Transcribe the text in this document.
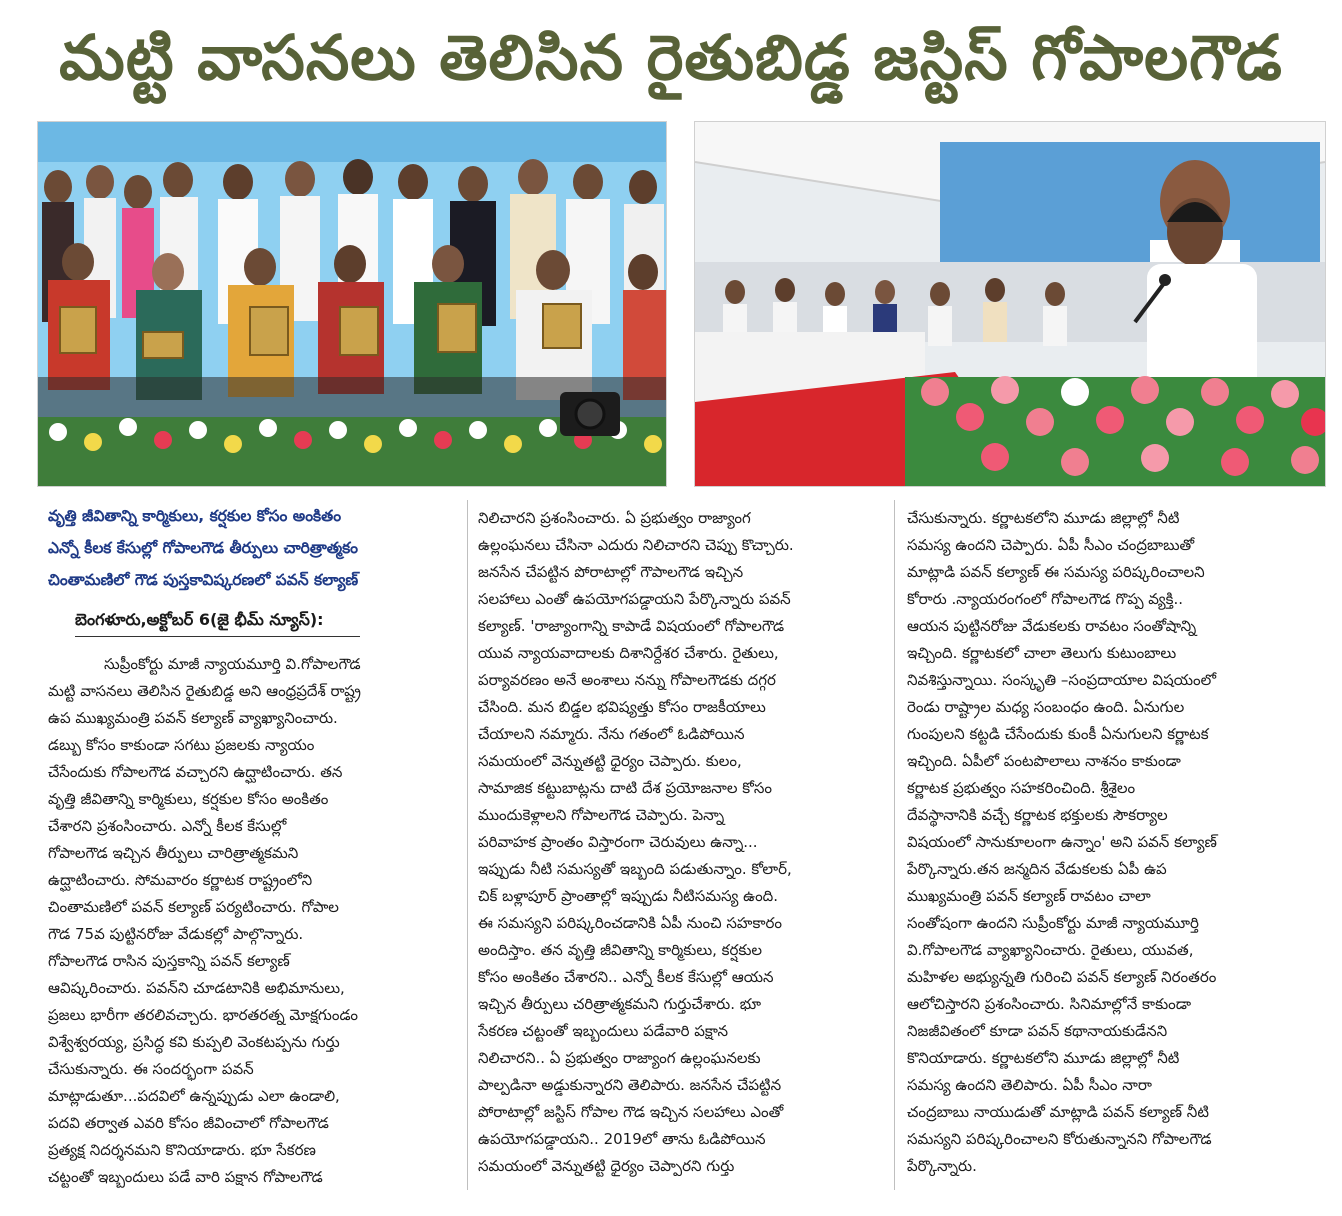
మట్టి వాసనలు తెలిసిన రైతుబిడ్డ జస్టిస్ గోపాలగౌడ
వృత్తి జీవితాన్ని కార్మికులు, కర్షకుల కోసం అంకితం
ఎన్నో కీలక కేసుల్లో గోపాలగౌడ తీర్పులు చారిత్రాత్మకం
చింతామణిలో గౌడ పుస్తకావిష్కరణలో పవన్ కల్యాణ్
బెంగళూరు,అక్టోబర్ 6(జై భీమ్ న్యూస్):

సుప్రీంకోర్టు మాజీ న్యాయమూర్తి వి.గోపాలగౌడ

మట్టి వాసనలు తెలిసిన రైతుబిడ్డ అని ఆంధ్రప్రదేశ్ రాష్ట్ర

ఉప ముఖ్యమంత్రి పవన్ కల్యాణ్ వ్యాఖ్యానించారు.

డబ్బు కోసం కాకుండా సగటు ప్రజలకు న్యాయం

చేసేందుకు గోపాలగౌడ వచ్చారని ఉద్ఘాటించారు. తన

వృత్తి జీవితాన్ని కార్మికులు, కర్షకుల కోసం అంకితం

చేశారని ప్రశంసించారు. ఎన్నో కీలక కేసుల్లో

గోపాలగౌడ ఇచ్చిన తీర్పులు చారిత్రాత్మకమని

ఉద్ఘాటించారు. సోమవారం కర్ణాటక రాష్ట్రంలోని

చింతామణిలో పవన్ కల్యాణ్ పర్యటించారు. గోపాల

గౌడ 75వ పుట్టినరోజు వేడుకల్లో పాల్గొన్నారు.

గోపాలగౌడ రాసిన పుస్తకాన్ని పవన్ కల్యాణ్

ఆవిష్కరించారు. పవన్‌ని చూడటానికి అభిమానులు,

ప్రజలు భారీగా తరలివచ్చారు. భారతరత్న మోక్షగుండం

విశ్వేశ్వరయ్య, ప్రసిద్ధ కవి కుప్పలి వెంకటప్పను గుర్తు

చేసుకున్నారు. ఈ సందర్భంగా పవన్

మాట్లాడుతూ...పదవిలో ఉన్నప్పుడు ఎలా ఉండాలి,

పదవి తర్వాత ఎవరి కోసం జీవించాలో గోపాలగౌడ

ప్రత్యక్ష నిదర్శనమని కొనియాడారు. భూ సేకరణ

చట్టంతో ఇబ్బందులు పడే వారి పక్షాన గోపాలగౌడ

నిలిచారని ప్రశంసించారు. ఏ ప్రభుత్వం రాజ్యాంగ

ఉల్లంఘనలు చేసినా ఎదురు నిలిచారని చెప్పు కొచ్చారు.

జనసేన చేపట్టిన పోరాటాల్లో గౌపాలగౌడ ఇచ్చిన

సలహాలు ఎంతో ఉపయోగపడ్డాయని పేర్కొన్నారు పవన్

కల్యాణ్. 'రాజ్యాంగాన్ని కాపాడే విషయంలో గోపాలగౌడ

యువ న్యాయవాదాలకు దిశానిర్దేశర చేశారు. రైతులు,

పర్యావరణం అనే అంశాలు నన్ను గోపాలగౌడకు దగ్గర

చేసింది. మన బిడ్డల భవిష్యత్తు కోసం రాజకీయాలు

చేయాలని నమ్మారు. నేను గతంలో ఓడిపోయిన

సమయంలో వెన్నుతట్టి ధైర్యం చెప్పారు. కులం,

సామాజిక కట్టుబాట్లను దాటి దేశ ప్రయోజనాల కోసం

ముందుకెళ్లాలని గోపాలగౌడ చెప్పారు. పెన్నా

పరివాహక ప్రాంతం విస్తారంగా చెరువులు ఉన్నా...

ఇప్పుడు నీటి సమస్యతో ఇబ్బంది పడుతున్నాం. కోలార్,

చిక్ బళ్లాపూర్ ప్రాంతాల్లో ఇప్పుడు నీటిసమస్య ఉంది.

ఈ సమస్యని పరిష్కరించడానికి ఏపీ నుంచి సహకారం

అందిస్తాం. తన వృత్తి జీవితాన్ని కార్మికులు, కర్షకుల

కోసం అంకితం చేశారని.. ఎన్నో కీలక కేసుల్లో ఆయన

ఇచ్చిన తీర్పులు చరిత్రాత్మకమని గుర్తుచేశారు. భూ

సేకరణ చట్టంతో ఇబ్బందులు పడేవారి పక్షాన

నిలిచారని.. ఏ ప్రభుత్వం రాజ్యాంగ ఉల్లంఘనలకు

పాల్పడినా అడ్డుకున్నారని తెలిపారు. జనసేన చేపట్టిన

పోరాటాల్లో జస్టిస్ గోపాల గౌడ ఇచ్చిన సలహాలు ఎంతో

ఉపయోగపడ్డాయని.. 2019లో తాను ఓడిపోయిన

సమయంలో వెన్నుతట్టి ధైర్యం చెప్పారని గుర్తు

చేసుకున్నారు. కర్ణాటకలోని మూడు జిల్లాల్లో నీటి

సమస్య ఉందని చెప్పారు. ఏపీ సీఎం చంద్రబాబుతో

మాట్లాడి పవన్ కల్యాణ్ ఈ సమస్య పరిష్కరించాలని

కోరారు .న్యాయరంగంలో గోపాలగౌడ గొప్ప వ్యక్తి..

ఆయన పుట్టినరోజు వేడుకలకు రావటం సంతోషాన్ని

ఇచ్చింది. కర్ణాటకలో చాలా తెలుగు కుటుంబాలు

నివశిస్తున్నాయి. సంస్కృతి –సంప్రదాయాల విషయంలో

రెండు రాష్ట్రాల మధ్య సంబంధం ఉంది. ఏనుగుల

గుంపులని కట్టడి చేసేందుకు కుంకీ ఏనుగులని కర్ణాటక

ఇచ్చింది. ఏపీలో పంటపొలాలు నాశనం కాకుండా

కర్ణాటక ప్రభుత్వం సహకరించింది. శ్రీశైలం

దేవస్థానానికి వచ్చే కర్ణాటక భక్తులకు సౌకర్యాల

విషయంలో సానుకూలంగా ఉన్నాం' అని పవన్ కల్యాణ్

పేర్కొన్నారు.తన జన్మదిన వేడుకలకు ఏపీ ఉప

ముఖ్యమంత్రి పవన్ కల్యాణ్ రావటం చాలా

సంతోషంగా ఉందని సుప్రీంకోర్టు మాజీ న్యాయమూర్తి

వి.గోపాలగౌడ వ్యాఖ్యానించారు. రైతులు, యువత,

మహిళల అభ్యున్నతి గురించి పవన్ కల్యాణ్ నిరంతరం

ఆలోచిస్తారని ప్రశంసించారు. సినిమాల్లోనే కాకుండా

నిజజీవితంలో కూడా పవన్ కథానాయకుడేనని

కొనియాడారు. కర్ణాటకలోని మూడు జిల్లాల్లో నీటి

సమస్య ఉందని తెలిపారు. ఏపీ సీఎం నారా

చంద్రబాబు నాయుడుతో మాట్లాడి పవన్ కల్యాణ్ నీటి

సమస్యని పరిష్కరించాలని కోరుతున్నానని గోపాలగౌడ

పేర్కొన్నారు.
